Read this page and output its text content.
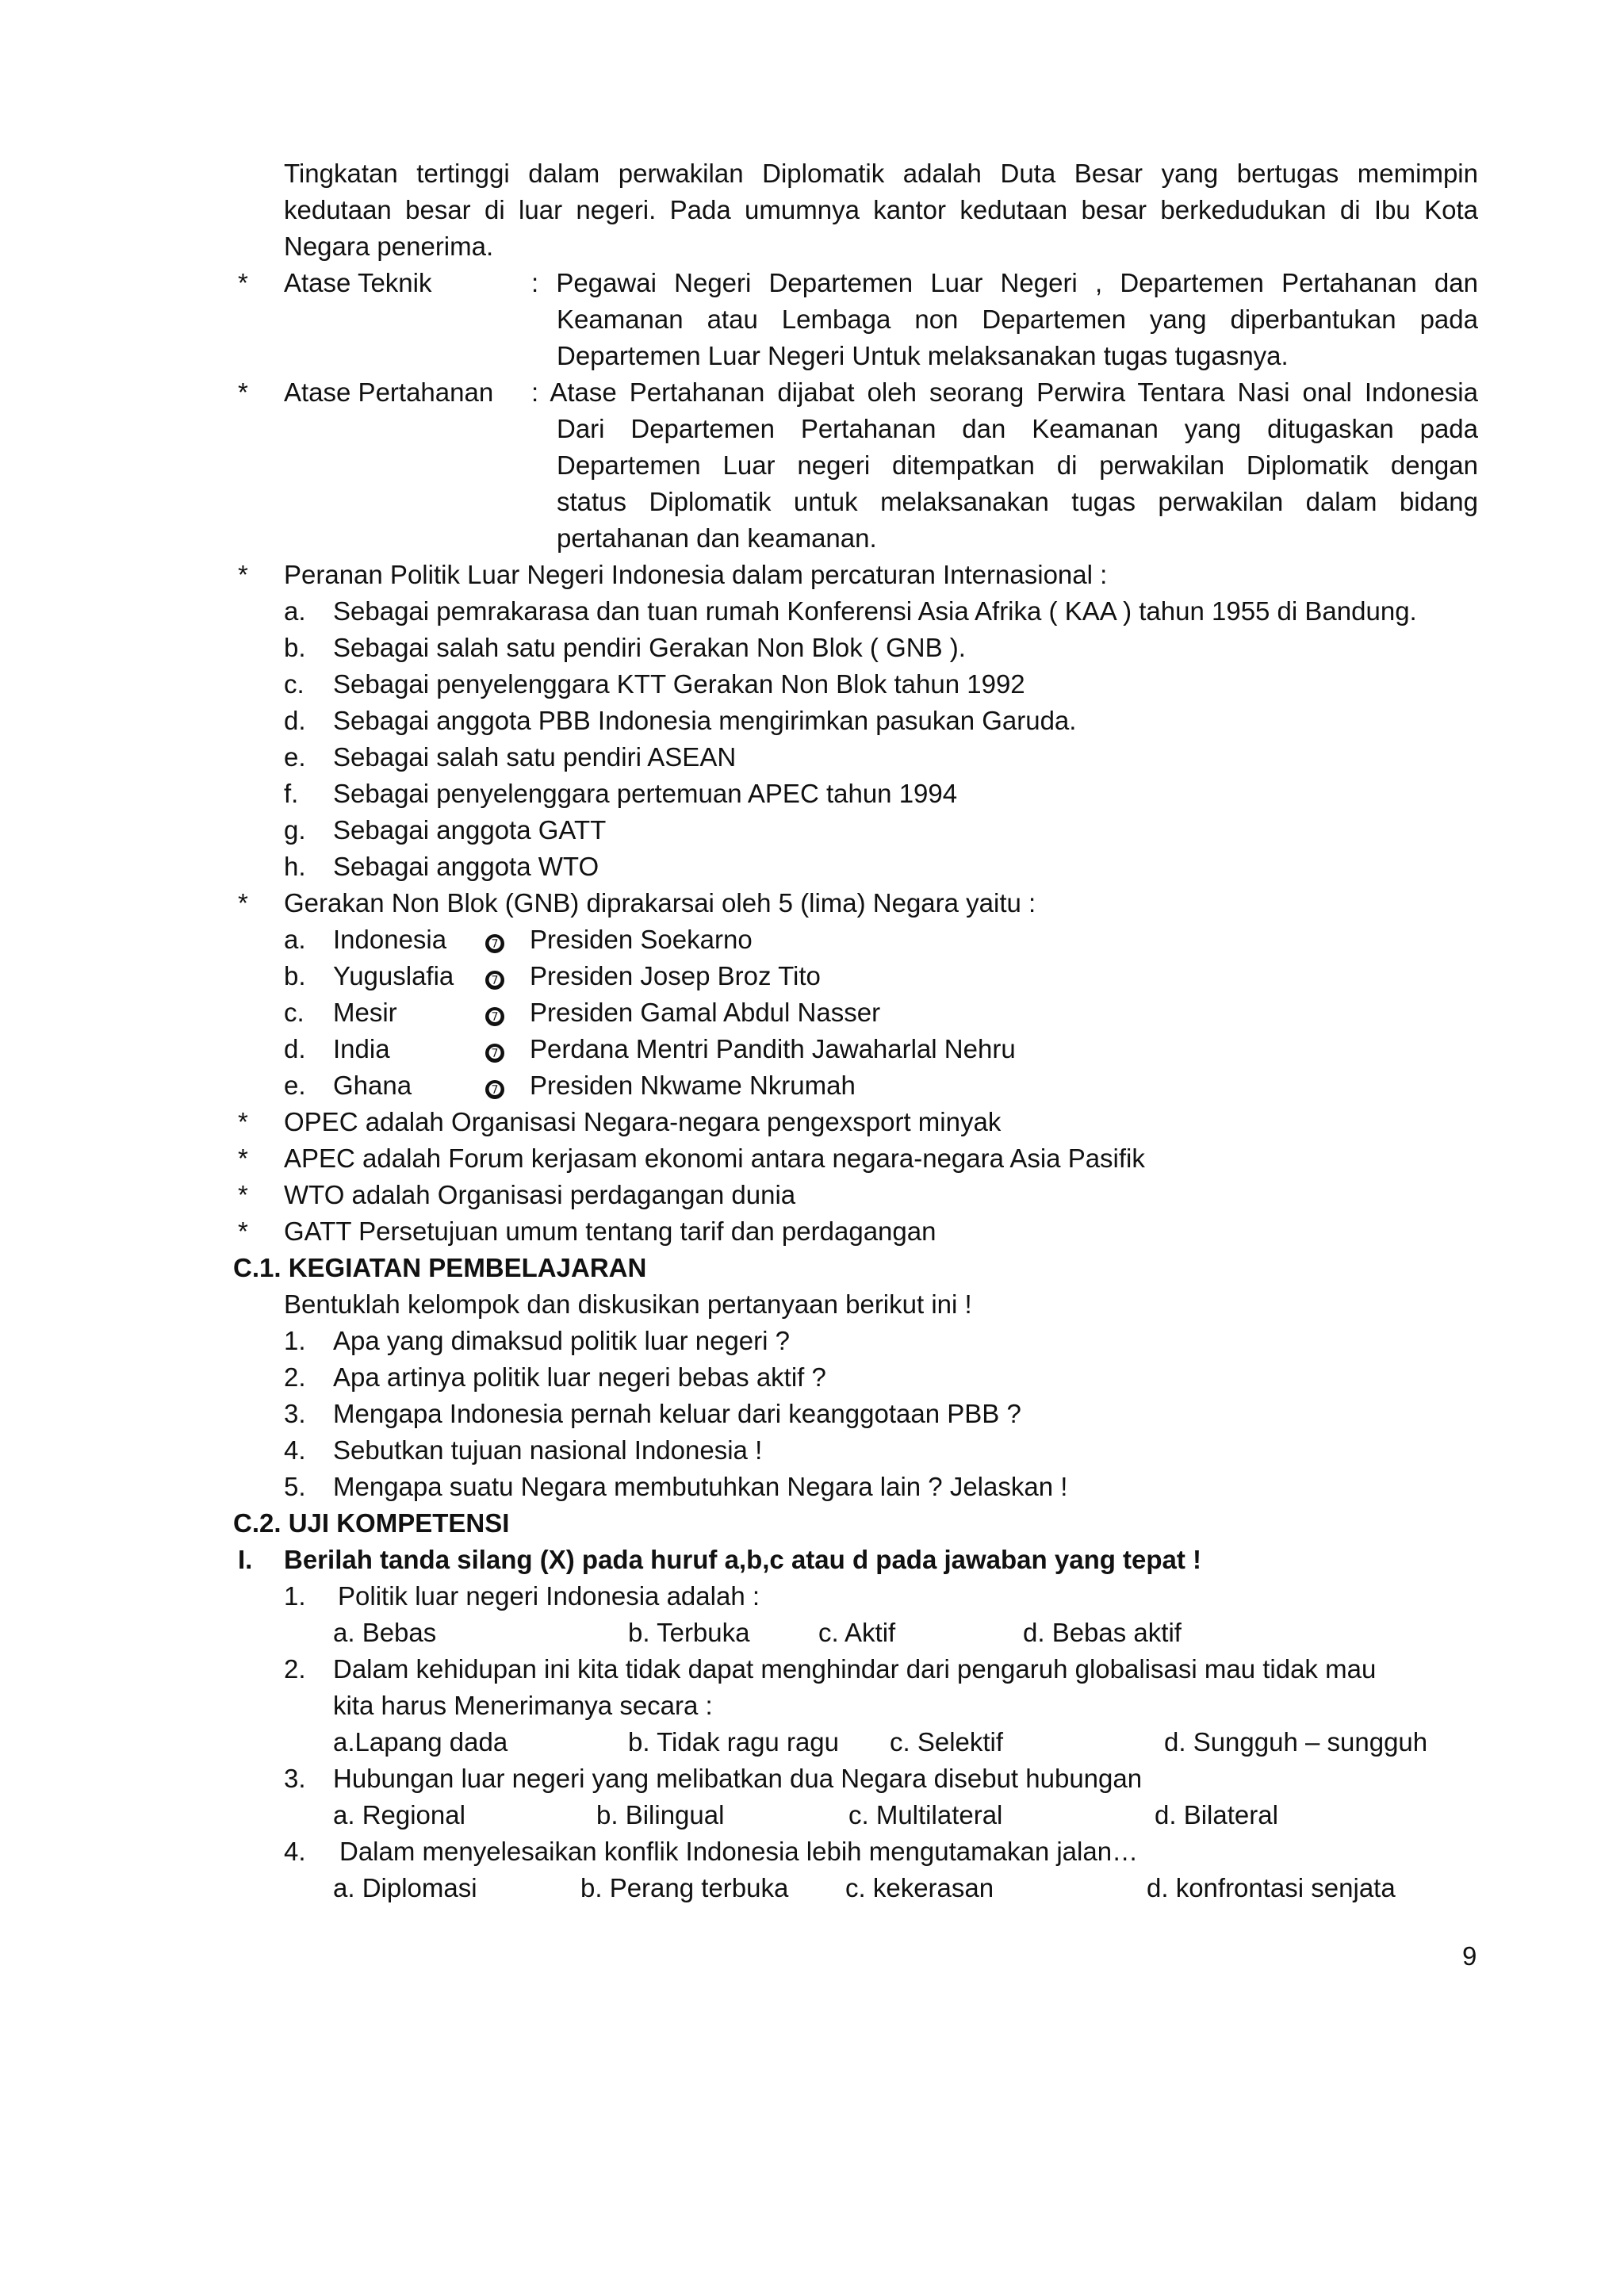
Tingkatan tertinggi dalam perwakilan Diplomatik adalah Duta Besar yang bertugas memimpin
kedutaan besar di luar negeri. Pada umumnya kantor kedutaan besar berkedudukan di Ibu Kota
Negara penerima.
* Atase Teknik	: Pegawai Negeri Departemen Luar Negeri , Departemen Pertahanan dan
Keamanan atau Lembaga non Departemen yang diperbantukan pada
Departemen Luar Negeri Untuk melaksanakan tugas tugasnya.
* Atase Pertahanan : Atase Pertahanan dijabat oleh seorang Perwira Tentara Nasi onal Indonesia
Dari Departemen Pertahanan dan Keamanan yang ditugaskan pada
Departemen Luar negeri ditempatkan di perwakilan Diplomatik dengan
status Diplomatik untuk melaksanakan tugas perwakilan dalam bidang
pertahanan dan keamanan.
* Peranan Politik Luar Negeri Indonesia dalam percaturan Internasional :
a. Sebagai pemrakarasa dan tuan rumah Konferensi Asia Afrika ( KAA ) tahun 1955 di Bandung.
b. Sebagai salah satu pendiri Gerakan Non Blok ( GNB ).
c. Sebagai penyelenggara KTT Gerakan Non Blok tahun 1992
d. Sebagai anggota PBB Indonesia mengirimkan pasukan Garuda.
e. Sebagai salah satu pendiri ASEAN
f. Sebagai penyelenggara pertemuan APEC tahun 1994
g. Sebagai anggota GATT
h. Sebagai anggota WTO
* Gerakan Non Blok (GNB) diprakarsai oleh 5 (lima) Negara yaitu :
a. Indonesia	➐ Presiden Soekarno
b. Yuguslafia ➐ Presiden Josep Broz Tito
c. Mesir	➐ Presiden Gamal Abdul Nasser
d. India	➐ Perdana Mentri Pandith Jawaharlal Nehru
e. Ghana	➐ Presiden Nkwame Nkrumah
* OPEC adalah Organisasi Negara-negara pengexsport minyak
* APEC adalah Forum kerjasam ekonomi antara negara-negara Asia Pasifik
* WTO adalah Organisasi perdagangan dunia
* GATT Persetujuan umum tentang tarif dan perdagangan
C.1. KEGIATAN PEMBELAJARAN
Bentuklah kelompok dan diskusikan pertanyaan berikut ini !
1. Apa yang dimaksud politik luar negeri ?
2. Apa artinya politik luar negeri bebas aktif ?
3. Mengapa Indonesia pernah keluar dari keanggotaan PBB ?
4. Sebutkan tujuan nasional Indonesia !
5. Mengapa suatu Negara membutuhkan Negara lain ? Jelaskan !
C.2. UJI KOMPETENSI
I. Berilah tanda silang (X) pada huruf a,b,c atau d pada jawaban yang tepat !
1. Politik luar negeri Indonesia adalah :
a. Bebas	b. Terbuka	c. Aktif	d. Bebas aktif
2. Dalam kehidupan ini kita tidak dapat menghindar dari pengaruh globalisasi mau tidak mau
kita harus Menerimanya secara :
a.Lapang dada	b. Tidak ragu ragu c. Selektif	d. Sungguh – sungguh
3. Hubungan luar negeri yang melibatkan dua Negara disebut hubungan
a. Regional	b. Bilingual	c. Multilateral	d. Bilateral
4. Dalam menyelesaikan konflik Indonesia lebih mengutamakan jalan…
a. Diplomasi	b. Perang terbuka c. kekerasan	d. konfrontasi senjata
9
